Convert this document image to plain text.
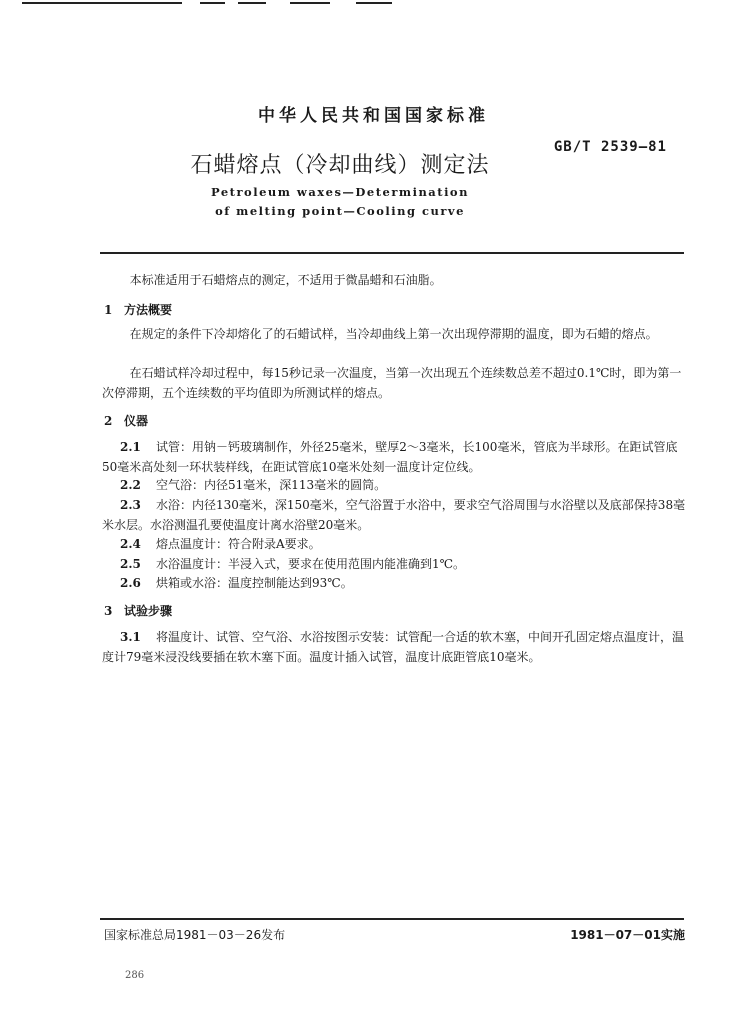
中华人民共和国国家标准
GB/T 2539—81
石蜡熔点（冷却曲线）测定法
Petroleum waxes—Determination
of melting point—Cooling curve
本标准适用于石蜡熔点的测定，不适用于微晶蜡和石油脂。
1 方法概要
在规定的条件下冷却熔化了的石蜡试样，当冷却曲线上第一次出现停滞期的温度，即为石蜡的熔点。
在石蜡试样冷却过程中，每15秒记录一次温度，当第一次出现五个连续数总差不超过0.1℃时，即为第一次停滞期，五个连续数的平均值即为所测试样的熔点。
2 仪器
2.1 试管：用钠－钙玻璃制作，外径25毫米，壁厚2～3毫米，长100毫米，管底为半球形。在距试管底50毫米高处刻一环状装样线，在距试管底10毫米处刻一温度计定位线。
2.2 空气浴：内径51毫米，深113毫米的圆筒。
2.3 水浴：内径130毫米，深150毫米，空气浴置于水浴中，要求空气浴周围与水浴壁以及底部保持38毫米水层。水浴测温孔要使温度计离水浴壁20毫米。
2.4 熔点温度计：符合附录A要求。
2.5 水浴温度计：半浸入式，要求在使用范围内能准确到1℃。
2.6 烘箱或水浴：温度控制能达到93℃。
3 试验步骤
3.1 将温度计、试管、空气浴、水浴按图示安装：试管配一合适的软木塞，中间开孔固定熔点温度计，温度计79毫米浸没线要插在软木塞下面。温度计插入试管，温度计底距管底10毫米。
国家标准总局1981－03－26发布	1981－07－01实施
286
